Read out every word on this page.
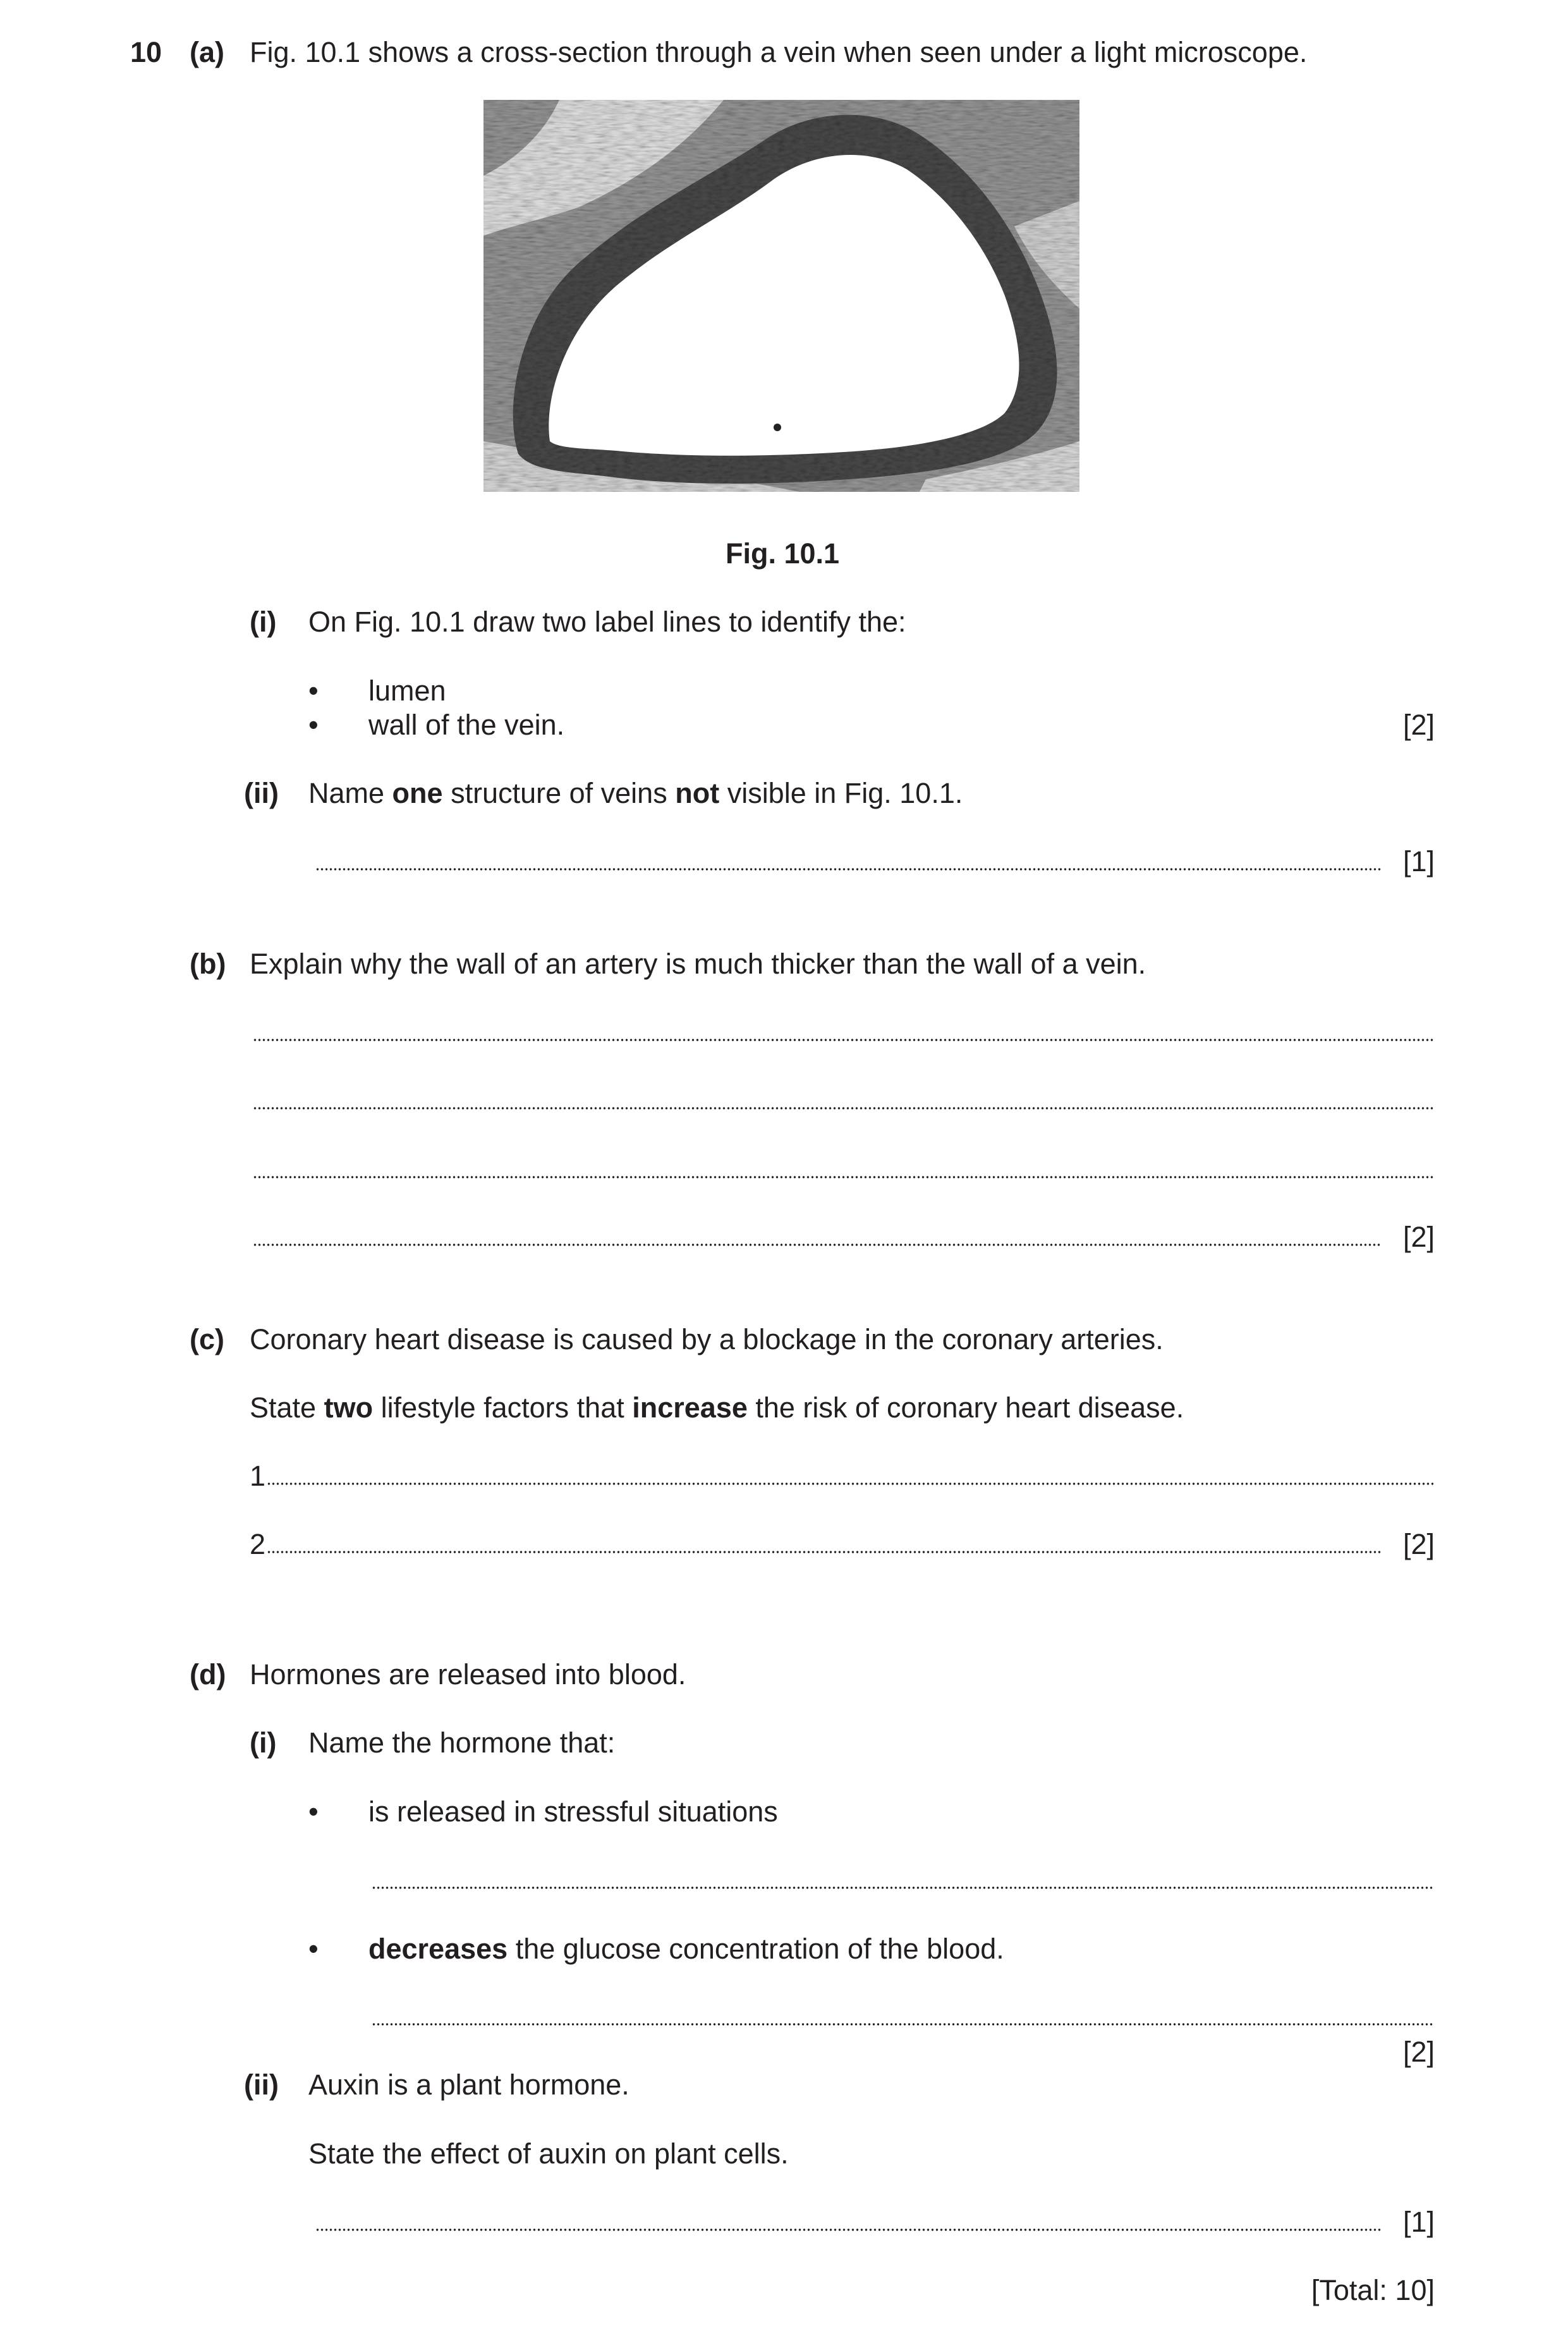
10 (a) Fig. 10.1 shows a cross-section through a vein when seen under a light microscope.
Fig. 10.1
(i) On Fig. 10.1 draw two label lines to identify the:
• lumen
• wall of the vein.	[2]
(ii) Name one structure of veins not visible in Fig. 10.1.
[1]
(b) Explain why the wall of an artery is much thicker than the wall of a vein.
[2]
(c) Coronary heart disease is caused by a blockage in the coronary arteries.
State two lifestyle factors that increase the risk of coronary heart disease.
1
2	[2]
(d) Hormones are released into blood.
(i) Name the hormone that:
• is released in stressful situations
• decreases the glucose concentration of the blood.
[2]
(ii) Auxin is a plant hormone.
State the effect of auxin on plant cells.
[1]
[Total: 10]
